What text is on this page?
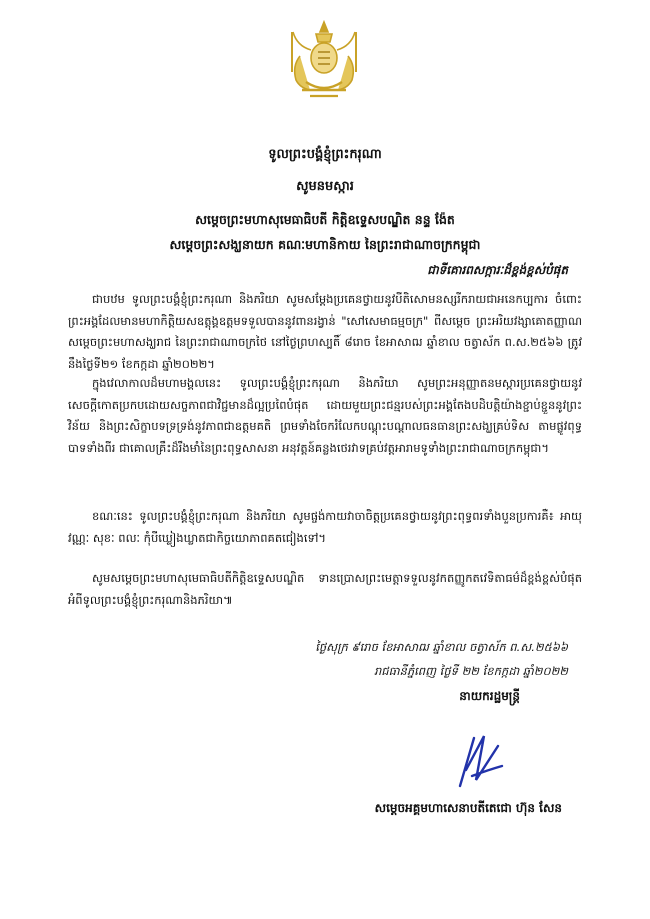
ទូលព្រះបង្គំខ្ញុំព្រះករុណា
សូមនមស្ការ
សម្តេចព្រះមហាសុមេធាធិបតី កិត្តិឧទ្ទេសបណ្ឌិត នន្ទ ង៉ែត
សម្តេចព្រះសង្ឃនាយក គណៈមហានិកាយ នៃព្រះរាជាណាចក្រកម្ពុជា
ជាទីគោរពសក្ការៈដ៏ខ្ពង់ខ្ពស់បំផុត
ជាបឋម ទូលព្រះបង្គំខ្ញុំព្រះករុណា និងភរិយា សូមសម្តែងប្រគេនថ្វាយនូវបីតិសោមនស្សរីករាយជាអនេកប្បការ ចំពោះព្រះអង្គដែលមានមហាកិត្តិយសឧត្តុង្គឧត្តមទទួលបាននូវពានរង្វាន់ "សៅសេមាធម្មចក្រ" ពីសម្តេច ព្រះអរិយវង្សាគោតញ្ញាណ សម្តេចព្រះមហាសង្ឃរាជ នៃព្រះរាជាណាចក្រថៃ នៅថ្ងៃព្រហស្បតិ៍ ៨រោច ខែអាសាឍ ឆ្នាំខាល ចត្វាស័ក ព.ស.២៥៦៦ ត្រូវនឹងថ្ងៃទី២១ ខែកក្កដា ឆ្នាំ២០២២។
ក្នុងវេលាកាលដ៏មហាមង្គលនេះ ទូលព្រះបង្គំខ្ញុំព្រះករុណា និងភរិយា សូមព្រះអនុញ្ញាតនមស្ការប្រគេនថ្វាយនូវសេចក្តីកោតប្រកបដោយសច្ចភាពជាវិជ្ជមានដ៏ល្អប្រពៃបំផុត ដោយមួយព្រះជន្មរបស់ព្រះអង្គតែងបដិបត្តិយ៉ាងខ្ជាប់ខ្ជួននូវព្រះវិន័យ និងព្រះសិក្ខាបទទ្រទ្រង់នូវភាពជាឧត្តមគតិ ព្រមទាំងចែករំលែកបណ្តុះបណ្តាលធនធានព្រះសង្ឃគ្រប់ទិស តាមផ្លូវពុទ្ធបាទទាំងពីរ ជាគោលគ្រឹះដ៏រឹងមាំនៃព្រះពុទ្ធសាសនា អនុវត្តន៍គន្លងថេរវាទគ្រប់វត្តអារាមទូទាំងព្រះរាជាណាចក្រកម្ពុជា។
ខណៈនេះ ទូលព្រះបង្គំខ្ញុំព្រះករុណា និងភរិយា សូមផ្ចង់កាយវាចាចិត្តប្រគេនថ្វាយនូវព្រះពុទ្ធពរទាំងបួនប្រការគឺ៖ អាយុ វណ្ណៈ សុខៈ ពលៈ កុំបីឃ្លៀងឃ្លាតជាកិច្ចយោភាពគតជៀងទៅ។
សូមសម្តេចព្រះមហាសុមេធាធិបតីកិត្តិឧទ្ទេសបណ្ឌិត ទានប្រោសព្រះមេត្តាទទួលនូវកតញ្ញូកតវេទិតាធម៌ដ៏ខ្ពង់ខ្ពស់បំផុត អំពីទូលព្រះបង្គំខ្ញុំព្រះករុណានិងភរិយា៕
ថ្ងៃសុក្រ ៩រោច ខែអាសាឍ ឆ្នាំខាល ចត្វាស័ក ព.ស.២៥៦៦
រាជធានីភ្នំពេញ ថ្ងៃទី ២២ ខែកក្កដា ឆ្នាំ២០២២
នាយករដ្ឋមន្ត្រី
សម្តេចអគ្គមហាសេនាបតីតេជោ ហ៊ុន សែន
